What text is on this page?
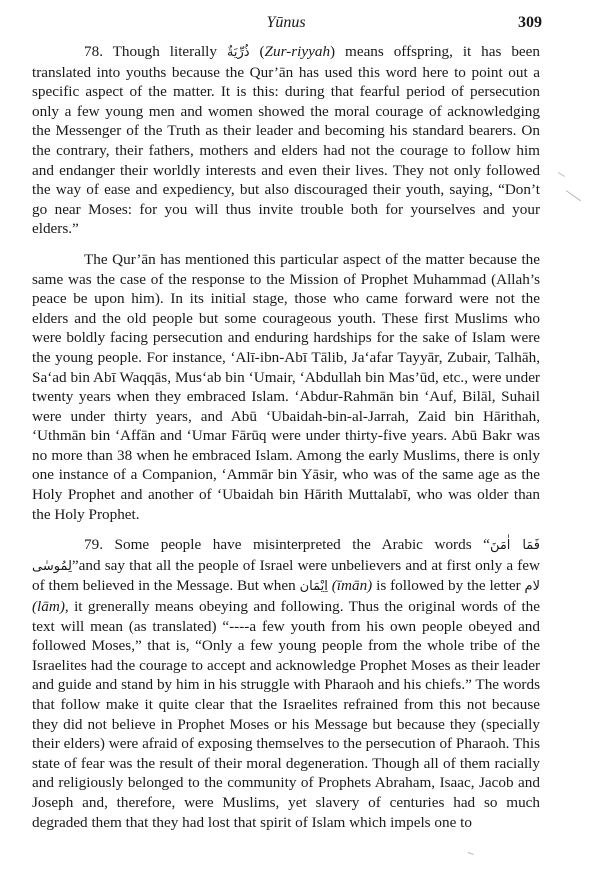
Yūnus	309

78. Though literally ذُرِّيَةٌ (Zur-riyyah) means offspring, it has been translated into youths because the Qur’ān has used this word here to point out a specific aspect of the matter. It is this: during that fearful period of persecution only a few young men and women showed the moral courage of acknowledging the Messenger of the Truth as their leader and becoming his standard bearers. On the contrary, their fathers, mothers and elders had not the courage to follow him and endanger their worldly interests and even their lives. They not only followed the way of ease and expediency, but also discouraged their youth, saying, “Don’t go near Moses: for you will thus invite trouble both for yourselves and your elders.”

The Qur’ān has mentioned this particular aspect of the matter because the same was the case of the response to the Mission of Prophet Muhammad (Allah’s peace be upon him). In its initial stage, those who came forward were not the elders and the old people but some courageous youth. These first Muslims who were boldly facing persecution and enduring hardships for the sake of Islam were the young people. For instance, ‘Alī-ibn-Abī Tālib, Ja‘afar Tayyār, Zubair, Talhāh, Sa‘ad bin Abī Waqqās, Mus‘ab bin ‘Umair, ‘Abdullah bin Mas’ūd, etc., were under twenty years when they embraced Islam. ‘Abdur-Rahmān bin ‘Auf, Bilāl, Suhail were under thirty years, and Abū ‘Ubaidah-bin-al-Jarrah, Zaid bin Hārithah, ‘Uthmān bin ‘Affān and ‘Umar Fārūq were under thirty-five years. Abū Bakr was no more than 38 when he embraced Islam. Among the early Muslims, there is only one instance of a Companion, ‘Ammār bin Yāsir, who was of the same age as the Holy Prophet and another of ‘Ubaidah bin Hārith Muttalabī, who was older than the Holy Prophet.

79. Some people have misinterpreted the Arabic words “فَمَا اٰمَنَ لِمُوسٰى”and say that all the people of Israel were unbelievers and at first only a few of them believed in the Message. But when اِيْمَان (īmān) is followed by the letter لام (lām), it grenerally means obeying and following. Thus the original words of the text will mean (as translated) “----a few youth from his own people obeyed and followed Moses,” that is, “Only a few young people from the whole tribe of the Israelites had the courage to accept and acknowledge Prophet Moses as their leader and guide and stand by him in his struggle with Pharaoh and his chiefs.” The words that follow make it quite clear that the Israelites refrained from this not because they did not believe in Prophet Moses or his Message but because they (specially their elders) were afraid of exposing themselves to the persecution of Pharaoh. This state of fear was the result of their moral degeneration. Though all of them racially and religiously belonged to the community of Prophets Abraham, Isaac, Jacob and Joseph and, therefore, were Muslims, yet slavery of centuries had so much degraded them that they had lost that spirit of Islam which impels one to
